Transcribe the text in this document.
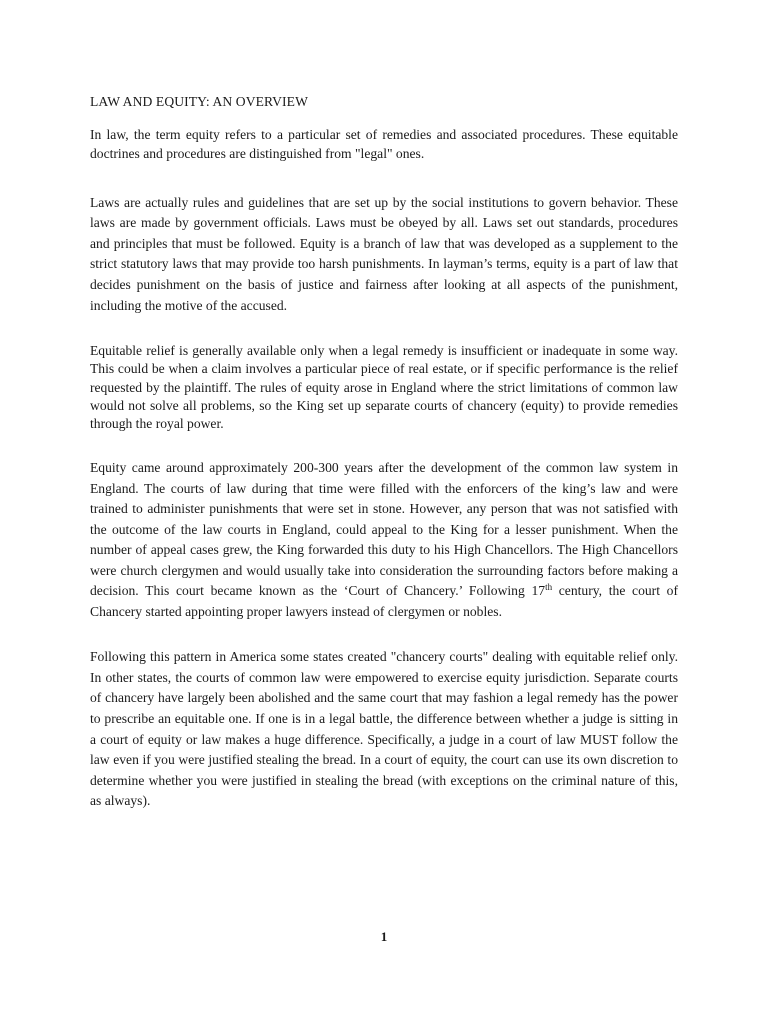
LAW AND EQUITY: AN OVERVIEW

In law, the term equity refers to a particular set of remedies and associated procedures. These equitable doctrines and procedures are distinguished from "legal" ones.

Laws are actually rules and guidelines that are set up by the social institutions to govern behavior. These laws are made by government officials. Laws must be obeyed by all. Laws set out standards, procedures and principles that must be followed. Equity is a branch of law that was developed as a supplement to the strict statutory laws that may provide too harsh punishments. In layman’s terms, equity is a part of law that decides punishment on the basis of justice and fairness after looking at all aspects of the punishment, including the motive of the accused.

Equitable relief is generally available only when a legal remedy is insufficient or inadequate in some way. This could be when a claim involves a particular piece of real estate, or if specific performance is the relief requested by the plaintiff. The rules of equity arose in England where the strict limitations of common law would not solve all problems, so the King set up separate courts of chancery (equity) to provide remedies through the royal power.

Equity came around approximately 200-300 years after the development of the common law system in England. The courts of law during that time were filled with the enforcers of the king’s law and were trained to administer punishments that were set in stone. However, any person that was not satisfied with the outcome of the law courts in England, could appeal to the King for a lesser punishment. When the number of appeal cases grew, the King forwarded this duty to his High Chancellors. The High Chancellors were church clergymen and would usually take into consideration the surrounding factors before making a decision. This court became known as the ‘Court of Chancery.’ Following 17th century, the court of Chancery started appointing proper lawyers instead of clergymen or nobles.

Following this pattern in America some states created "chancery courts" dealing with equitable relief only. In other states, the courts of common law were empowered to exercise equity jurisdiction. Separate courts of chancery have largely been abolished and the same court that may fashion a legal remedy has the power to prescribe an equitable one. If one is in a legal battle, the difference between whether a judge is sitting in a court of equity or law makes a huge difference. Specifically, a judge in a court of law MUST follow the law even if you were justified stealing the bread. In a court of equity, the court can use its own discretion to determine whether you were justified in stealing the bread (with exceptions on the criminal nature of this, as always).

1
